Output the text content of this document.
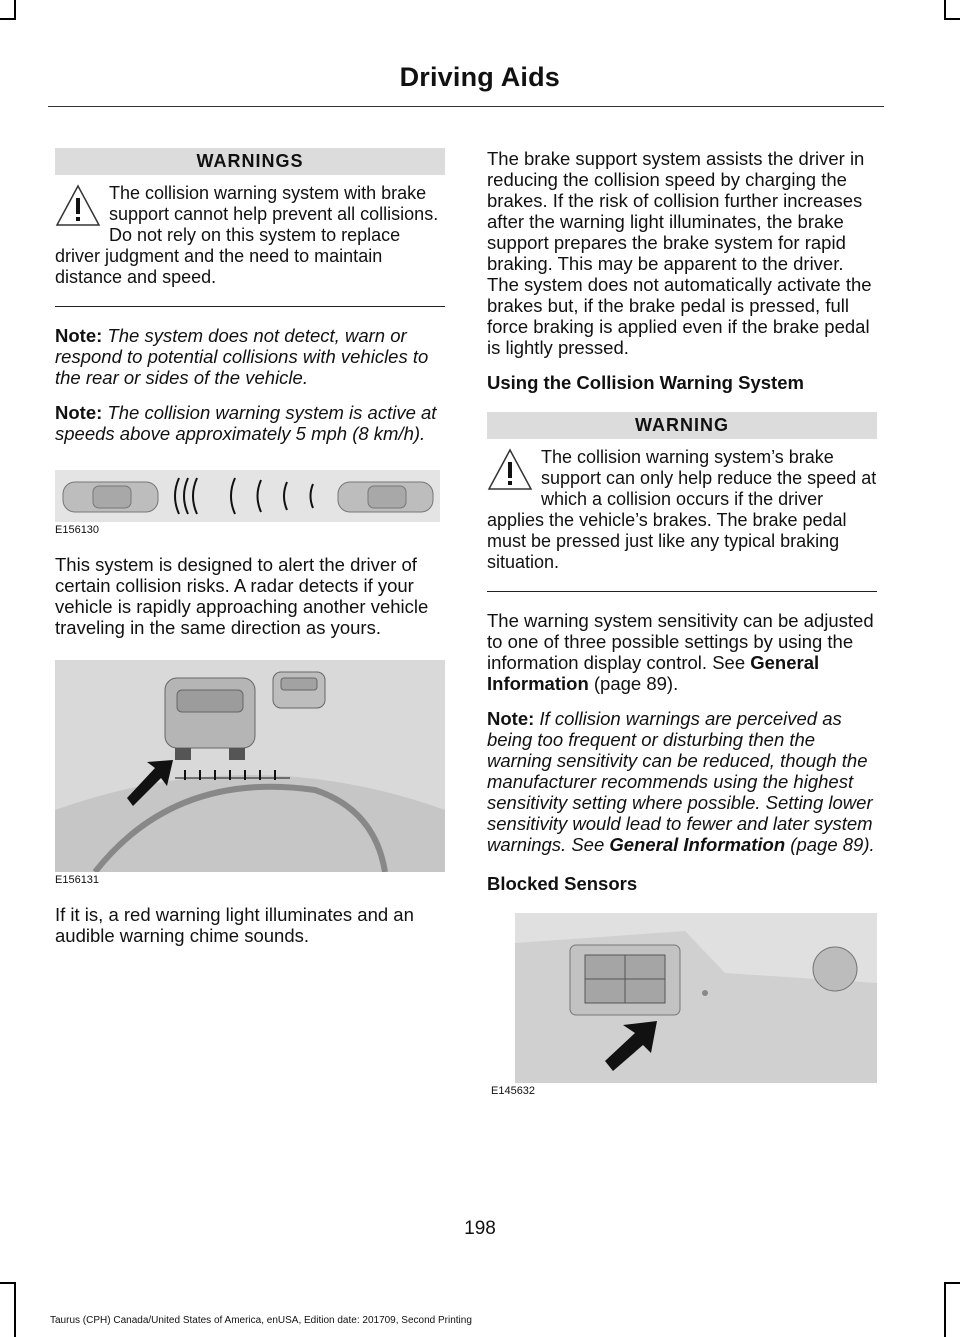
Driving Aids
WARNINGS
The collision warning system with brake support cannot help prevent all collisions. Do not rely on this system to replace driver judgment and the need to maintain distance and speed.

Note: The system does not detect, warn or respond to potential collisions with vehicles to the rear or sides of the vehicle.

Note: The collision warning system is active at speeds above approximately 5 mph (8 km/h).

E156130

This system is designed to alert the driver of certain collision risks. A radar detects if your vehicle is rapidly approaching another vehicle traveling in the same direction as yours.

E156131

If it is, a red warning light illuminates and an audible warning chime sounds.

The brake support system assists the driver in reducing the collision speed by charging the brakes. If the risk of collision further increases after the warning light illuminates, the brake support prepares the brake system for rapid braking. This may be apparent to the driver. The system does not automatically activate the brakes but, if the brake pedal is pressed, full force braking is applied even if the brake pedal is lightly pressed.

Using the Collision Warning System
WARNING
The collision warning system’s brake support can only help reduce the speed at which a collision occurs if the driver applies the vehicle’s brakes. The brake pedal must be pressed just like any typical braking situation.

The warning system sensitivity can be adjusted to one of three possible settings by using the information display control. See General Information (page 89).

Note: If collision warnings are perceived as being too frequent or disturbing then the warning sensitivity can be reduced, though the manufacturer recommends using the highest sensitivity setting where possible. Setting lower sensitivity would lead to fewer and later system warnings. See General Information (page 89).

Blocked Sensors
E145632
198
Taurus (CPH) Canada/United States of America, enUSA, Edition date: 201709, Second Printing
